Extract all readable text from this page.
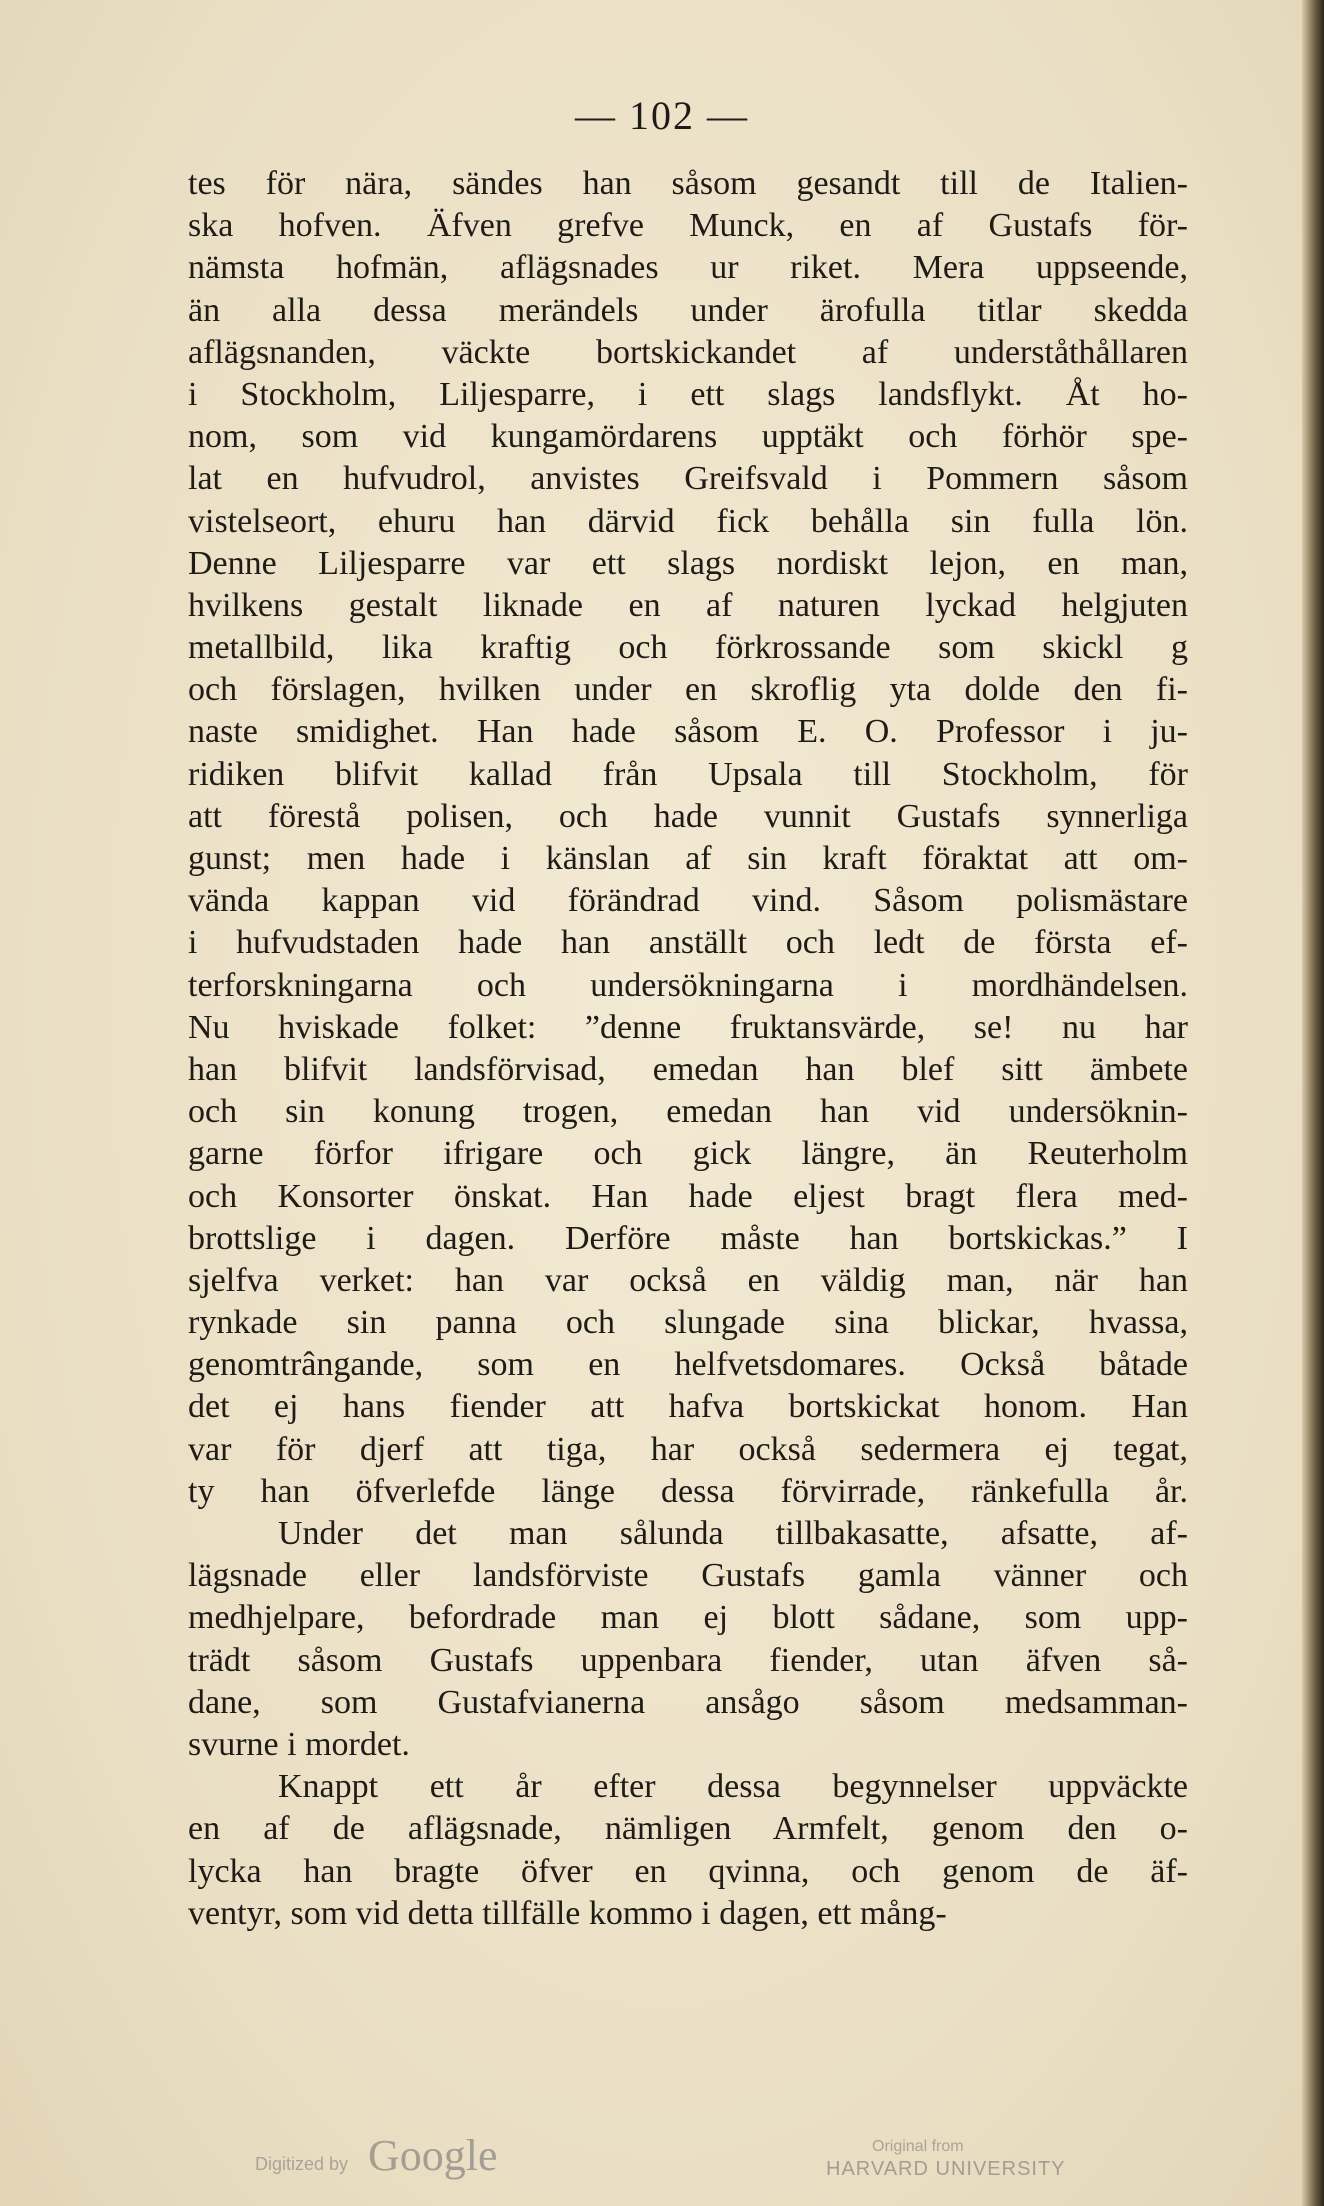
— 102 —
tes för nära, sändes han såsom gesandt till de Italien-
ska hofven. Äfven grefve Munck, en af Gustafs för-
nämsta hofmän, aflägsnades ur riket. Mera uppseende,
än alla dessa merändels under ärofulla titlar skedda
aflägsnanden, väckte bortskickandet af underståthållaren
i Stockholm, Liljesparre, i ett slags landsflykt. Åt ho-
nom, som vid kungamördarens upptäkt och förhör spe-
lat en hufvudrol, anvistes Greifsvald i Pommern såsom
vistelseort, ehuru han därvid fick behålla sin fulla lön.
Denne Liljesparre var ett slags nordiskt lejon, en man,
hvilkens gestalt liknade en af naturen lyckad helgjuten
metallbild, lika kraftig och förkrossande som skickl g
och förslagen, hvilken under en skroflig yta dolde den fi-
naste smidighet. Han hade såsom E. O. Professor i ju-
ridiken blifvit kallad från Upsala till Stockholm, för
att förestå polisen, och hade vunnit Gustafs synnerliga
gunst; men hade i känslan af sin kraft föraktat att om-
vända kappan vid förändrad vind. Såsom polismästare
i hufvudstaden hade han anställt och ledt de första ef-
terforskningarna och undersökningarna i mordhändelsen.
Nu hviskade folket: ”denne fruktansvärde, se! nu har
han blifvit landsförvisad, emedan han blef sitt ämbete
och sin konung trogen, emedan han vid undersöknin-
garne förfor ifrigare och gick längre, än Reuterholm
och Konsorter önskat. Han hade eljest bragt flera med-
brottslige i dagen. Derföre måste han bortskickas.” I
sjelfva verket: han var också en väldig man, när han
rynkade sin panna och slungade sina blickar, hvassa,
genomtrângande, som en helfvetsdomares. Också båtade
det ej hans fiender att hafva bortskickat honom. Han
var för djerf att tiga, har också sedermera ej tegat,
ty han öfverlefde länge dessa förvirrade, ränkefulla år.
Under det man sålunda tillbakasatte, afsatte, af-
lägsnade eller landsförviste Gustafs gamla vänner och
medhjelpare, befordrade man ej blott sådane, som upp-
trädt såsom Gustafs uppenbara fiender, utan äfven så-
dane, som Gustafvianerna ansågo såsom medsamman-
svurne i mordet.
Knappt ett år efter dessa begynnelser uppväckte
en af de aflägsnade, nämligen Armfelt, genom den o-
lycka han bragte öfver en qvinna, och genom de äf-
ventyr, som vid detta tillfälle kommo i dagen, ett mång-
Digitized by Google	Original from
HARVARD UNIVERSITY
